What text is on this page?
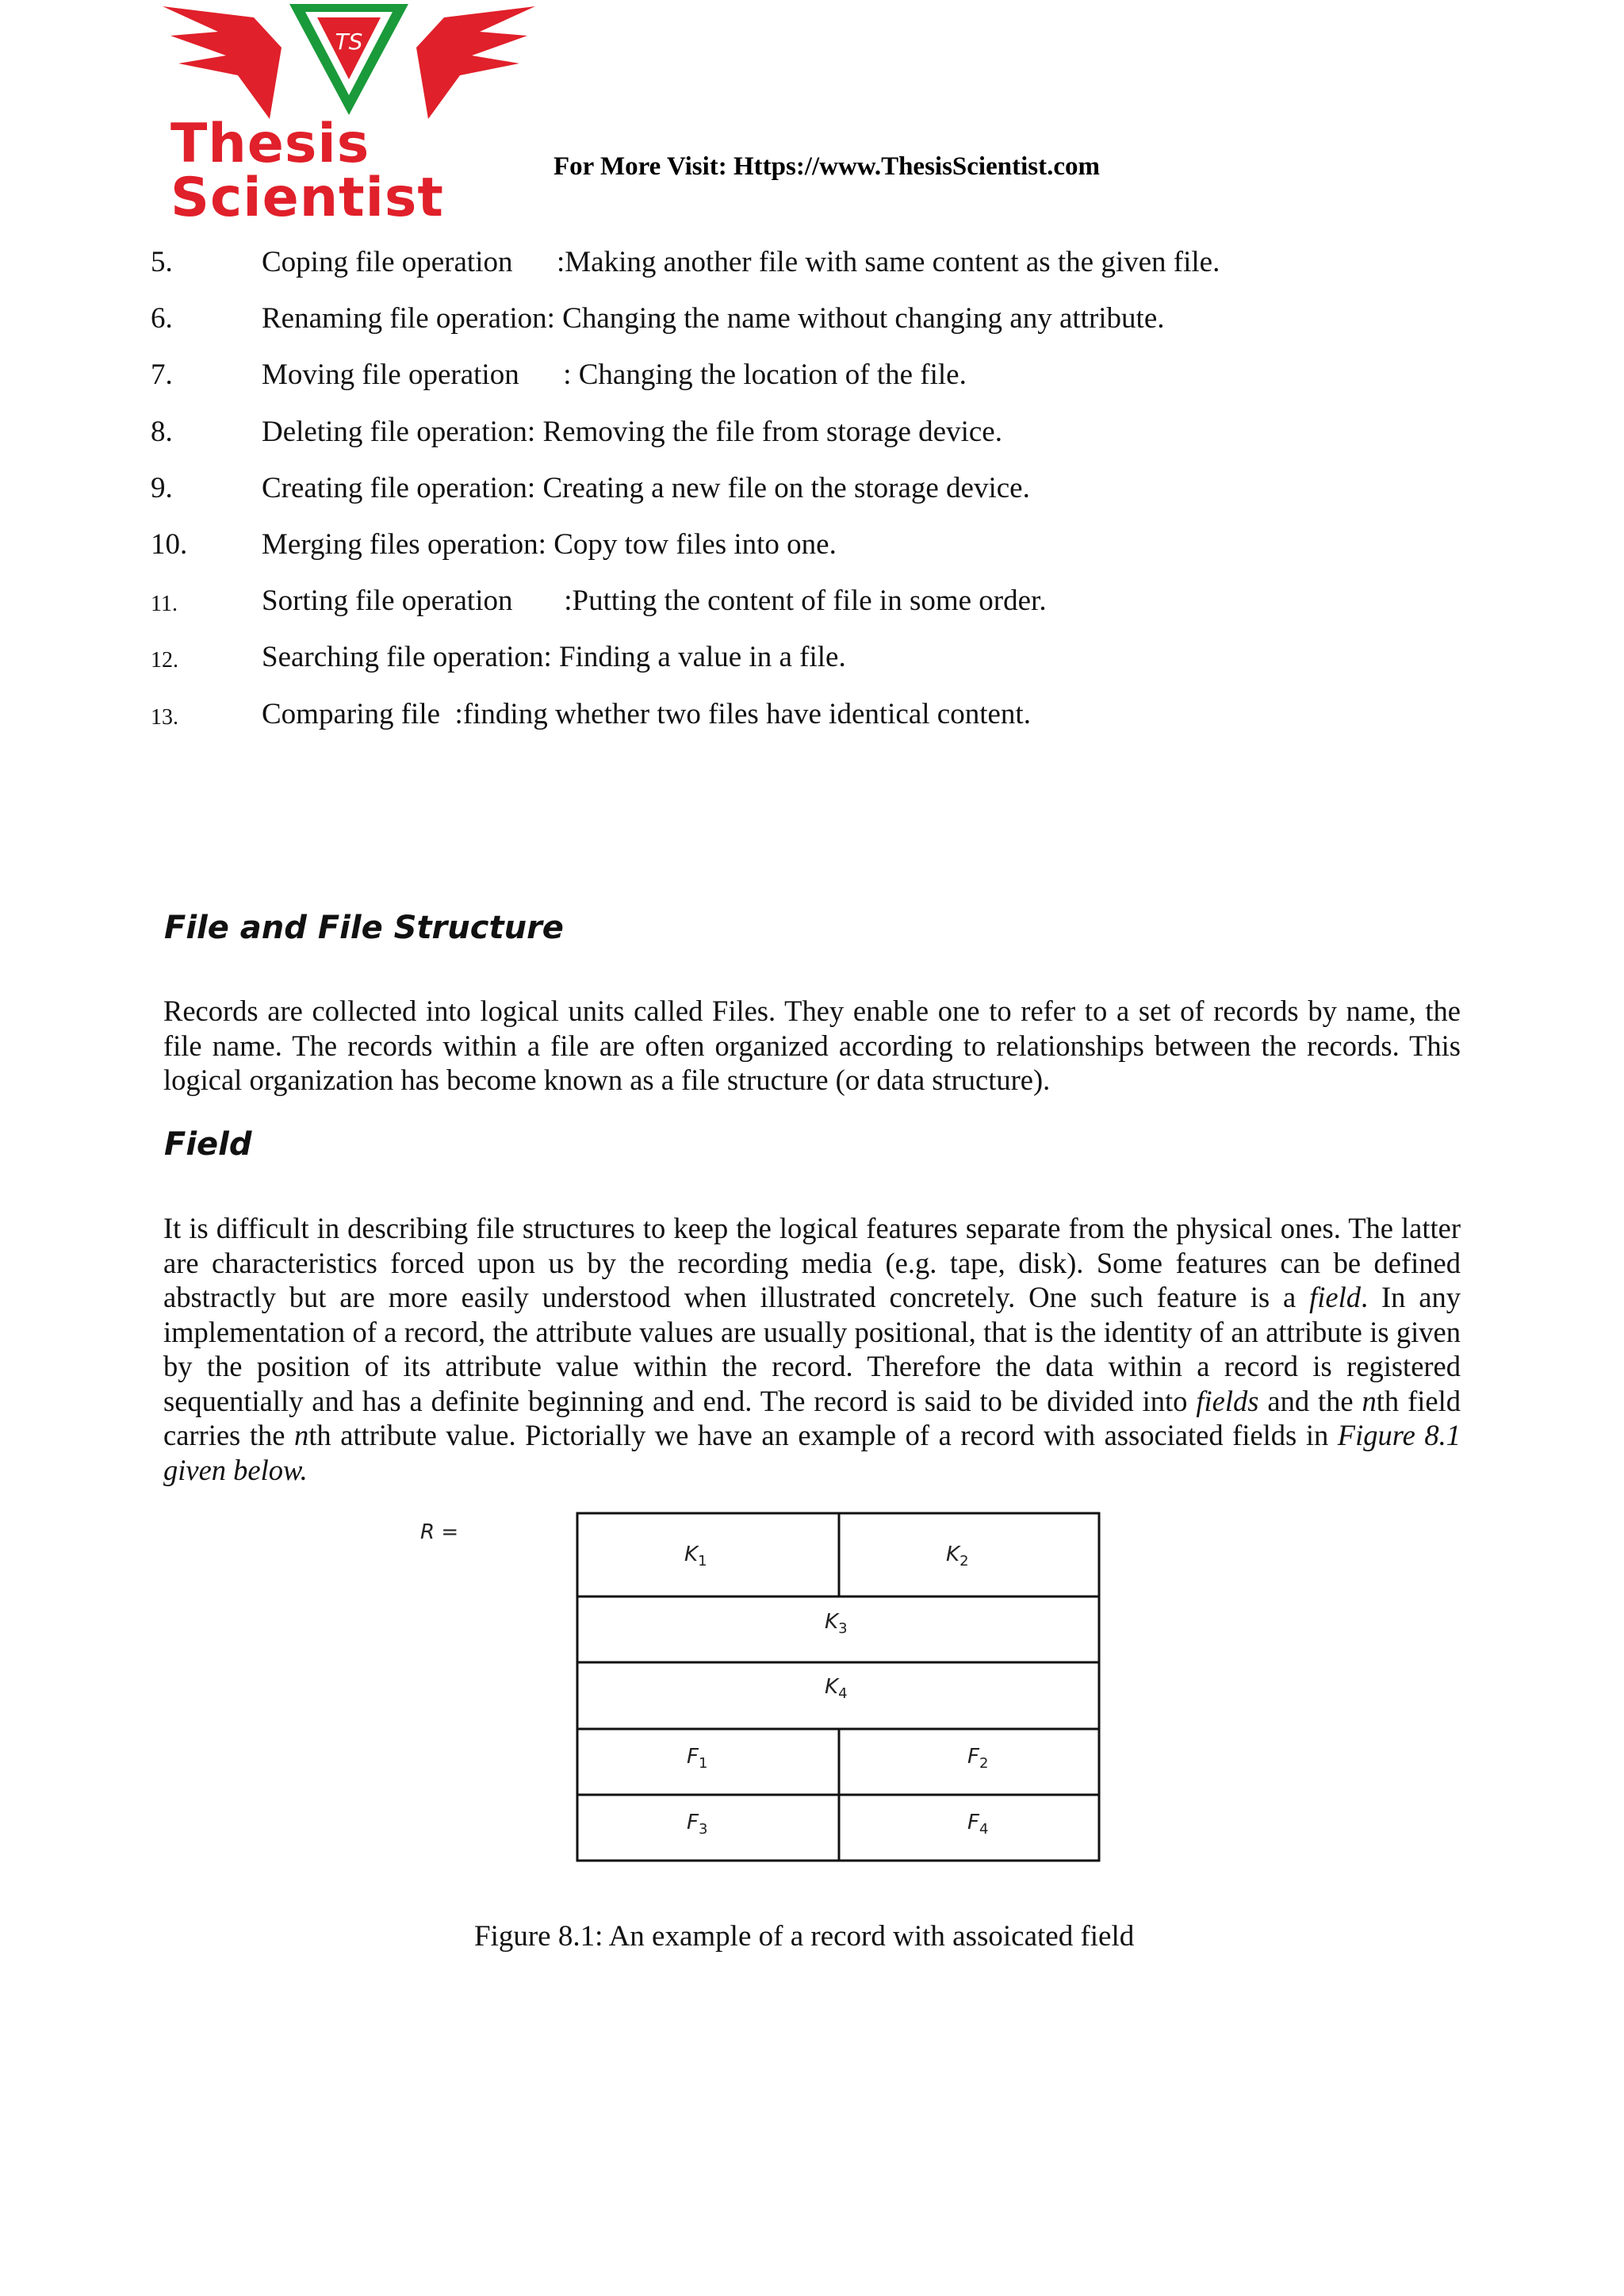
TS
Thesis Scientist	For More Visit: Https://www.ThesisScientist.com
5.	Coping file operation      :Making another file with same content as the given file.
6.	Renaming file operation: Changing the name without changing any attribute.
7.	Moving file operation      : Changing the location of the file.
8.	Deleting file operation: Removing the file from storage device.
9.	Creating file operation: Creating a new file on the storage device.
10.	Merging files operation: Copy tow files into one.
11.	Sorting file operation       :Putting the content of file in some order.
12.	Searching file operation: Finding a value in a file.
13.	Comparing file  :finding whether two files have identical content.
File and File Structure
Records are collected into logical units called Files. They enable one to refer to a set of records by name, the file name. The records within a file are often organized according to relationships between the records. This logical organization has become known as a file structure (or data structure).
Field
It is difficult in describing file structures to keep the logical features separate from the physical ones. The latter are characteristics forced upon us by the recording media (e.g. tape, disk). Some features can be defined abstractly but are more easily understood when illustrated concretely. One such feature is a field. In any implementation of a record, the attribute values are usually positional, that is the identity of an attribute is given by the position of its attribute value within the record. Therefore the data within a record is registered sequentially and has a definite beginning and end. The record is said to be divided into fields and the nth field carries the nth attribute value. Pictorially we have an example of a record with associated fields in Figure 8.1 given below.
R =
$K_1$	$K_2$
$K_3$
$K_4$
$F_1$	$F_2$
$F_3$	$F_4$
Figure 8.1: An example of a record with assoicated field
